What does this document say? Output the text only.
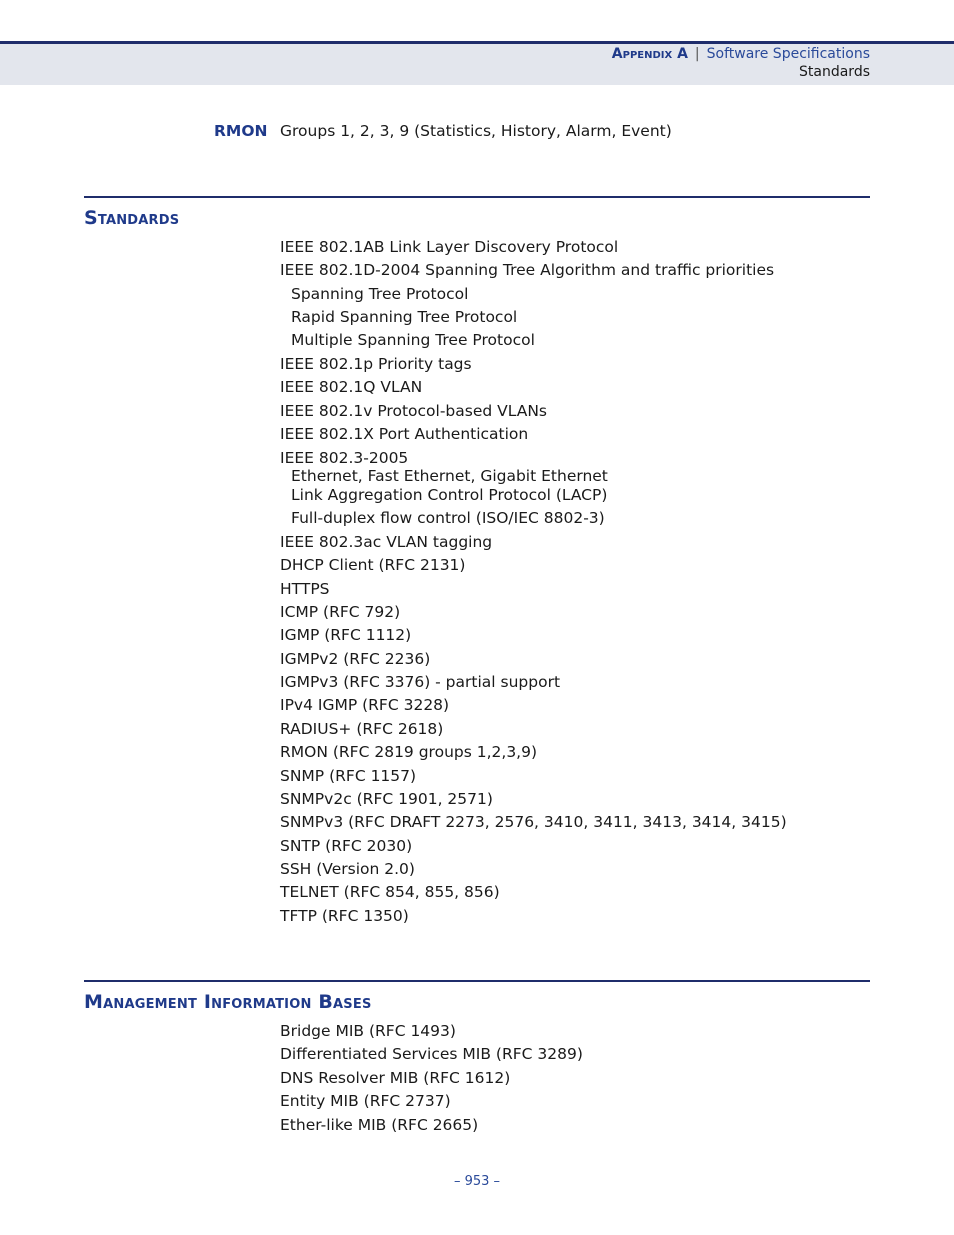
Appendix A | Software Specifications
Standards
RMON Groups 1, 2, 3, 9 (Statistics, History, Alarm, Event)
Standards
IEEE 802.1AB Link Layer Discovery Protocol
IEEE 802.1D-2004 Spanning Tree Algorithm and traffic priorities
Spanning Tree Protocol
Rapid Spanning Tree Protocol
Multiple Spanning Tree Protocol
IEEE 802.1p Priority tags
IEEE 802.1Q VLAN
IEEE 802.1v Protocol-based VLANs
IEEE 802.1X Port Authentication
IEEE 802.3-2005
Ethernet, Fast Ethernet, Gigabit Ethernet
Link Aggregation Control Protocol (LACP)
Full-duplex flow control (ISO/IEC 8802-3)
IEEE 802.3ac VLAN tagging
DHCP Client (RFC 2131)
HTTPS
ICMP (RFC 792)
IGMP (RFC 1112)
IGMPv2 (RFC 2236)
IGMPv3 (RFC 3376) - partial support
IPv4 IGMP (RFC 3228)
RADIUS+ (RFC 2618)
RMON (RFC 2819 groups 1,2,3,9)
SNMP (RFC 1157)
SNMPv2c (RFC 1901, 2571)
SNMPv3 (RFC DRAFT 2273, 2576, 3410, 3411, 3413, 3414, 3415)
SNTP (RFC 2030)
SSH (Version 2.0)
TELNET (RFC 854, 855, 856)
TFTP (RFC 1350)
Management Information Bases
Bridge MIB (RFC 1493)
Differentiated Services MIB (RFC 3289)
DNS Resolver MIB (RFC 1612)
Entity MIB (RFC 2737)
Ether-like MIB (RFC 2665)
– 953 –
